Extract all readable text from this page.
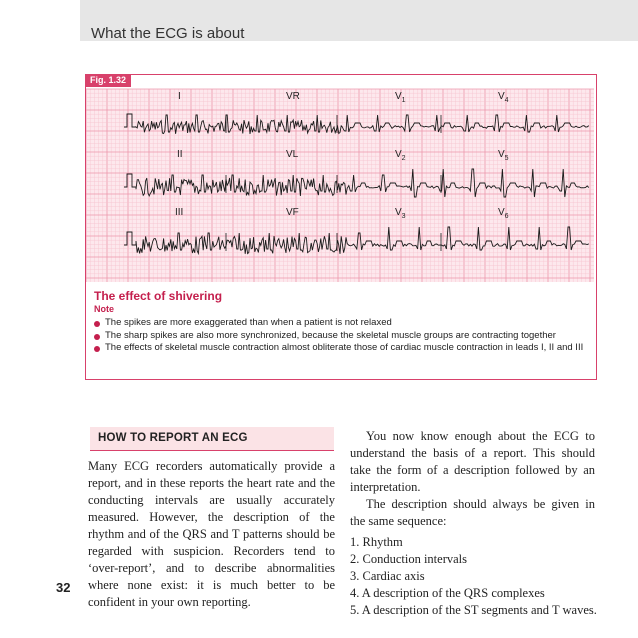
What the ECG is about
Fig. 1.32
I	VR	$V_1$	$V_4$
II	VL	$V_2$	$V_5$
III	VF	$V_3$	$V_6$

The effect of shivering

Note

The spikes are more exaggerated than when a patient is not relaxed
The sharp spikes are also more synchronized, because the skeletal muscle groups are contracting together
The effects of skeletal muscle contraction almost obliterate those of cardiac muscle contraction in leads I, II and III
HOW TO REPORT AN ECG
Many ECG recorders automatically provide a report, and in these reports the heart rate and the conducting intervals are usually accurately measured. However, the description of the rhythm and of the QRS and T patterns should be regarded with suspicion. Recorders tend to ‘over-report’, and to describe abnormalities where none exist: it is much better to be confident in your own reporting.

You now know enough about the ECG to understand the basis of a report. This should take the form of a description followed by an interpretation.

The description should always be given in the same sequence:

1. Rhythm
2. Conduction intervals
3. Cardiac axis
4. A description of the QRS complexes
5. A description of the ST segments and T waves.
32
